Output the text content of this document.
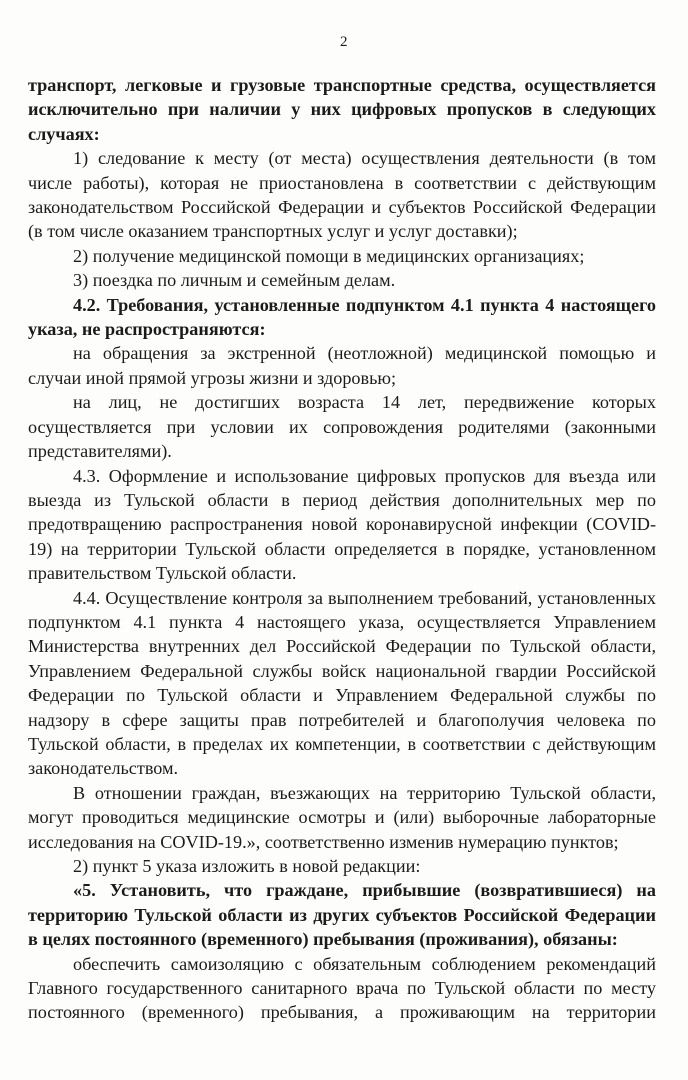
2

транспорт, легковые и грузовые транспортные средства, осуществляется исключительно при наличии у них цифровых пропусков в следующих случаях:

1) следование к месту (от места) осуществления деятельности (в том числе работы), которая не приостановлена в соответствии с действующим законодательством Российской Федерации и субъектов Российской Федерации (в том числе оказанием транспортных услуг и услуг доставки);

2) получение медицинской помощи в медицинских организациях;

3) поездка по личным и семейным делам.

4.2. Требования, установленные подпунктом 4.1 пункта 4 настоящего указа, не распространяются:

на обращения за экстренной (неотложной) медицинской помощью и случаи иной прямой угрозы жизни и здоровью;

на лиц, не достигших возраста 14 лет, передвижение которых осуществляется при условии их сопровождения родителями (законными представителями).

4.3. Оформление и использование цифровых пропусков для въезда или выезда из Тульской области в период действия дополнительных мер по предотвращению распространения новой коронавирусной инфекции (COVID-19) на территории Тульской области определяется в порядке, установленном правительством Тульской области.

4.4. Осуществление контроля за выполнением требований, установленных подпунктом 4.1 пункта 4 настоящего указа, осуществляется Управлением Министерства внутренних дел Российской Федерации по Тульской области, Управлением Федеральной службы войск национальной гвардии Российской Федерации по Тульской области и Управлением Федеральной службы по надзору в сфере защиты прав потребителей и благополучия человека по Тульской области, в пределах их компетенции, в соответствии с действующим законодательством.

В отношении граждан, въезжающих на территорию Тульской области, могут проводиться медицинские осмотры и (или) выборочные лабораторные исследования на COVID-19.», соответственно изменив нумерацию пунктов;

2) пункт 5 указа изложить в новой редакции:

«5. Установить, что граждане, прибывшие (возвратившиеся) на территорию Тульской области из других субъектов Российской Федерации в целях постоянного (временного) пребывания (проживания), обязаны:

обеспечить самоизоляцию с обязательным соблюдением рекомендаций Главного государственного санитарного врача по Тульской области по месту постоянного (временного) пребывания, а проживающим на территории
